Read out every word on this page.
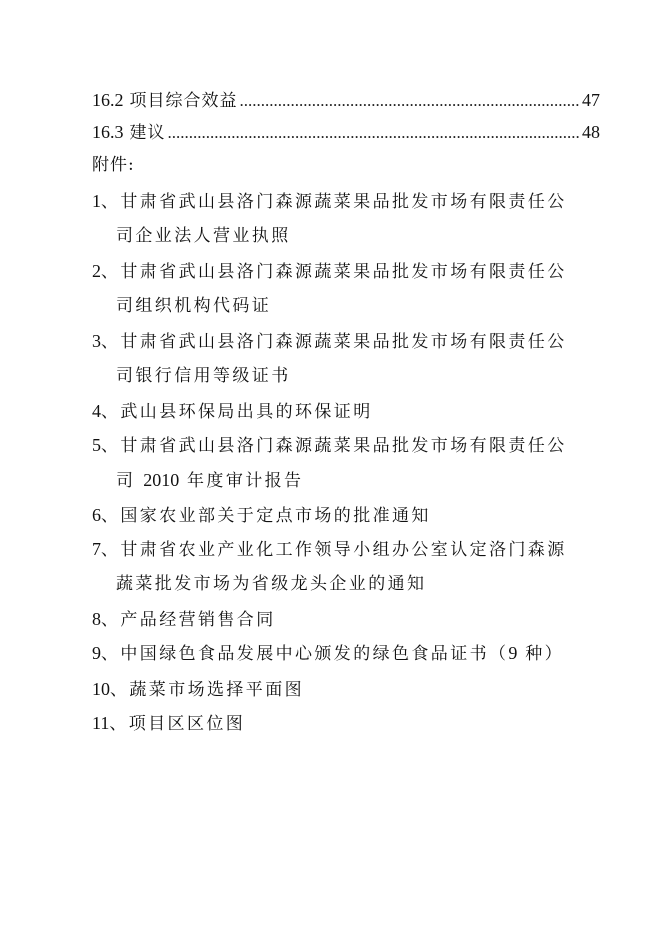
16.2 项目综合效益 .....	47
16.3 建议 .....	48
附件:
1、甘肃省武山县洛门森源蔬菜果品批发市场有限责任公
司企业法人营业执照
2、甘肃省武山县洛门森源蔬菜果品批发市场有限责任公
司组织机构代码证
3、甘肃省武山县洛门森源蔬菜果品批发市场有限责任公
司银行信用等级证书
4、武山县环保局出具的环保证明
5、甘肃省武山县洛门森源蔬菜果品批发市场有限责任公
司 2010 年度审计报告
6、国家农业部关于定点市场的批准通知
7、甘肃省农业产业化工作领导小组办公室认定洛门森源
蔬菜批发市场为省级龙头企业的通知
8、产品经营销售合同
9、中国绿色食品发展中心颁发的绿色食品证书（9 种）
10、蔬菜市场选择平面图
11、项目区区位图
